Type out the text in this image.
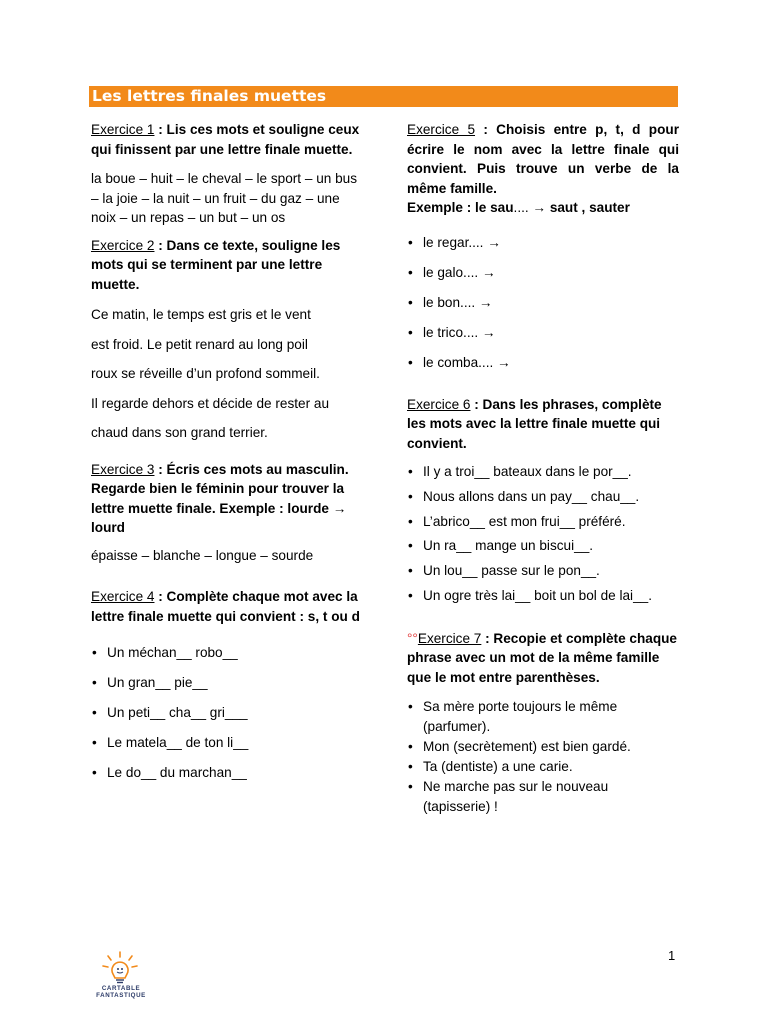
Les lettres finales muettes

Exercice 1 : Lis ces mots et souligne ceux qui finissent par une lettre finale muette.

la boue – huit – le cheval – le sport – un bus – la joie – la nuit – un fruit – du gaz – une noix – un repas – un but – un os

Exercice 2 : Dans ce texte, souligne les mots qui se terminent par une lettre muette.

Ce matin, le temps est gris et le vent

est froid. Le petit renard au long poil

roux se réveille d’un profond sommeil.

Il regarde dehors et décide de rester au

chaud dans son grand terrier.

Exercice 3 : Écris ces mots au masculin. Regarde bien le féminin pour trouver la lettre muette finale. Exemple : lourde → lourd

épaisse – blanche – longue – sourde

Exercice 4 : Complète chaque mot avec la lettre finale muette qui convient : s, t ou d

• Un méchan__ robo__
• Un gran__ pie__
• Un peti__ cha__ gri___
• Le matela__ de ton li__
• Le do__ du marchan__

Exercice 5 : Choisis entre p, t, d pour écrire le nom avec la lettre finale qui convient. Puis trouve un verbe de la même famille.

Exemple : le sau.... → saut , sauter

• le regar.... →
• le galo.... →
• le bon.... →
• le trico.... →
• le comba.... →

Exercice 6 : Dans les phrases, complète les mots avec la lettre finale muette qui convient.

• Il y a troi__ bateaux dans le por__.
• Nous allons dans un pay__ chau__.
• L’abrico__ est mon frui__ préféré.
• Un ra__ mange un biscui__.
• Un lou__ passe sur le pon__.
• Un ogre très lai__ boit un bol de lai__.

°°Exercice 7 : Recopie et complète chaque phrase avec un mot de la même famille que le mot entre parenthèses.

• Sa mère porte toujours le même (parfumer).
• Mon (secrètement) est bien gardé.
• Ta (dentiste) a une carie.
• Ne marche pas sur le nouveau (tapisserie) !
1
CARTABLE
FANTASTIQUE
